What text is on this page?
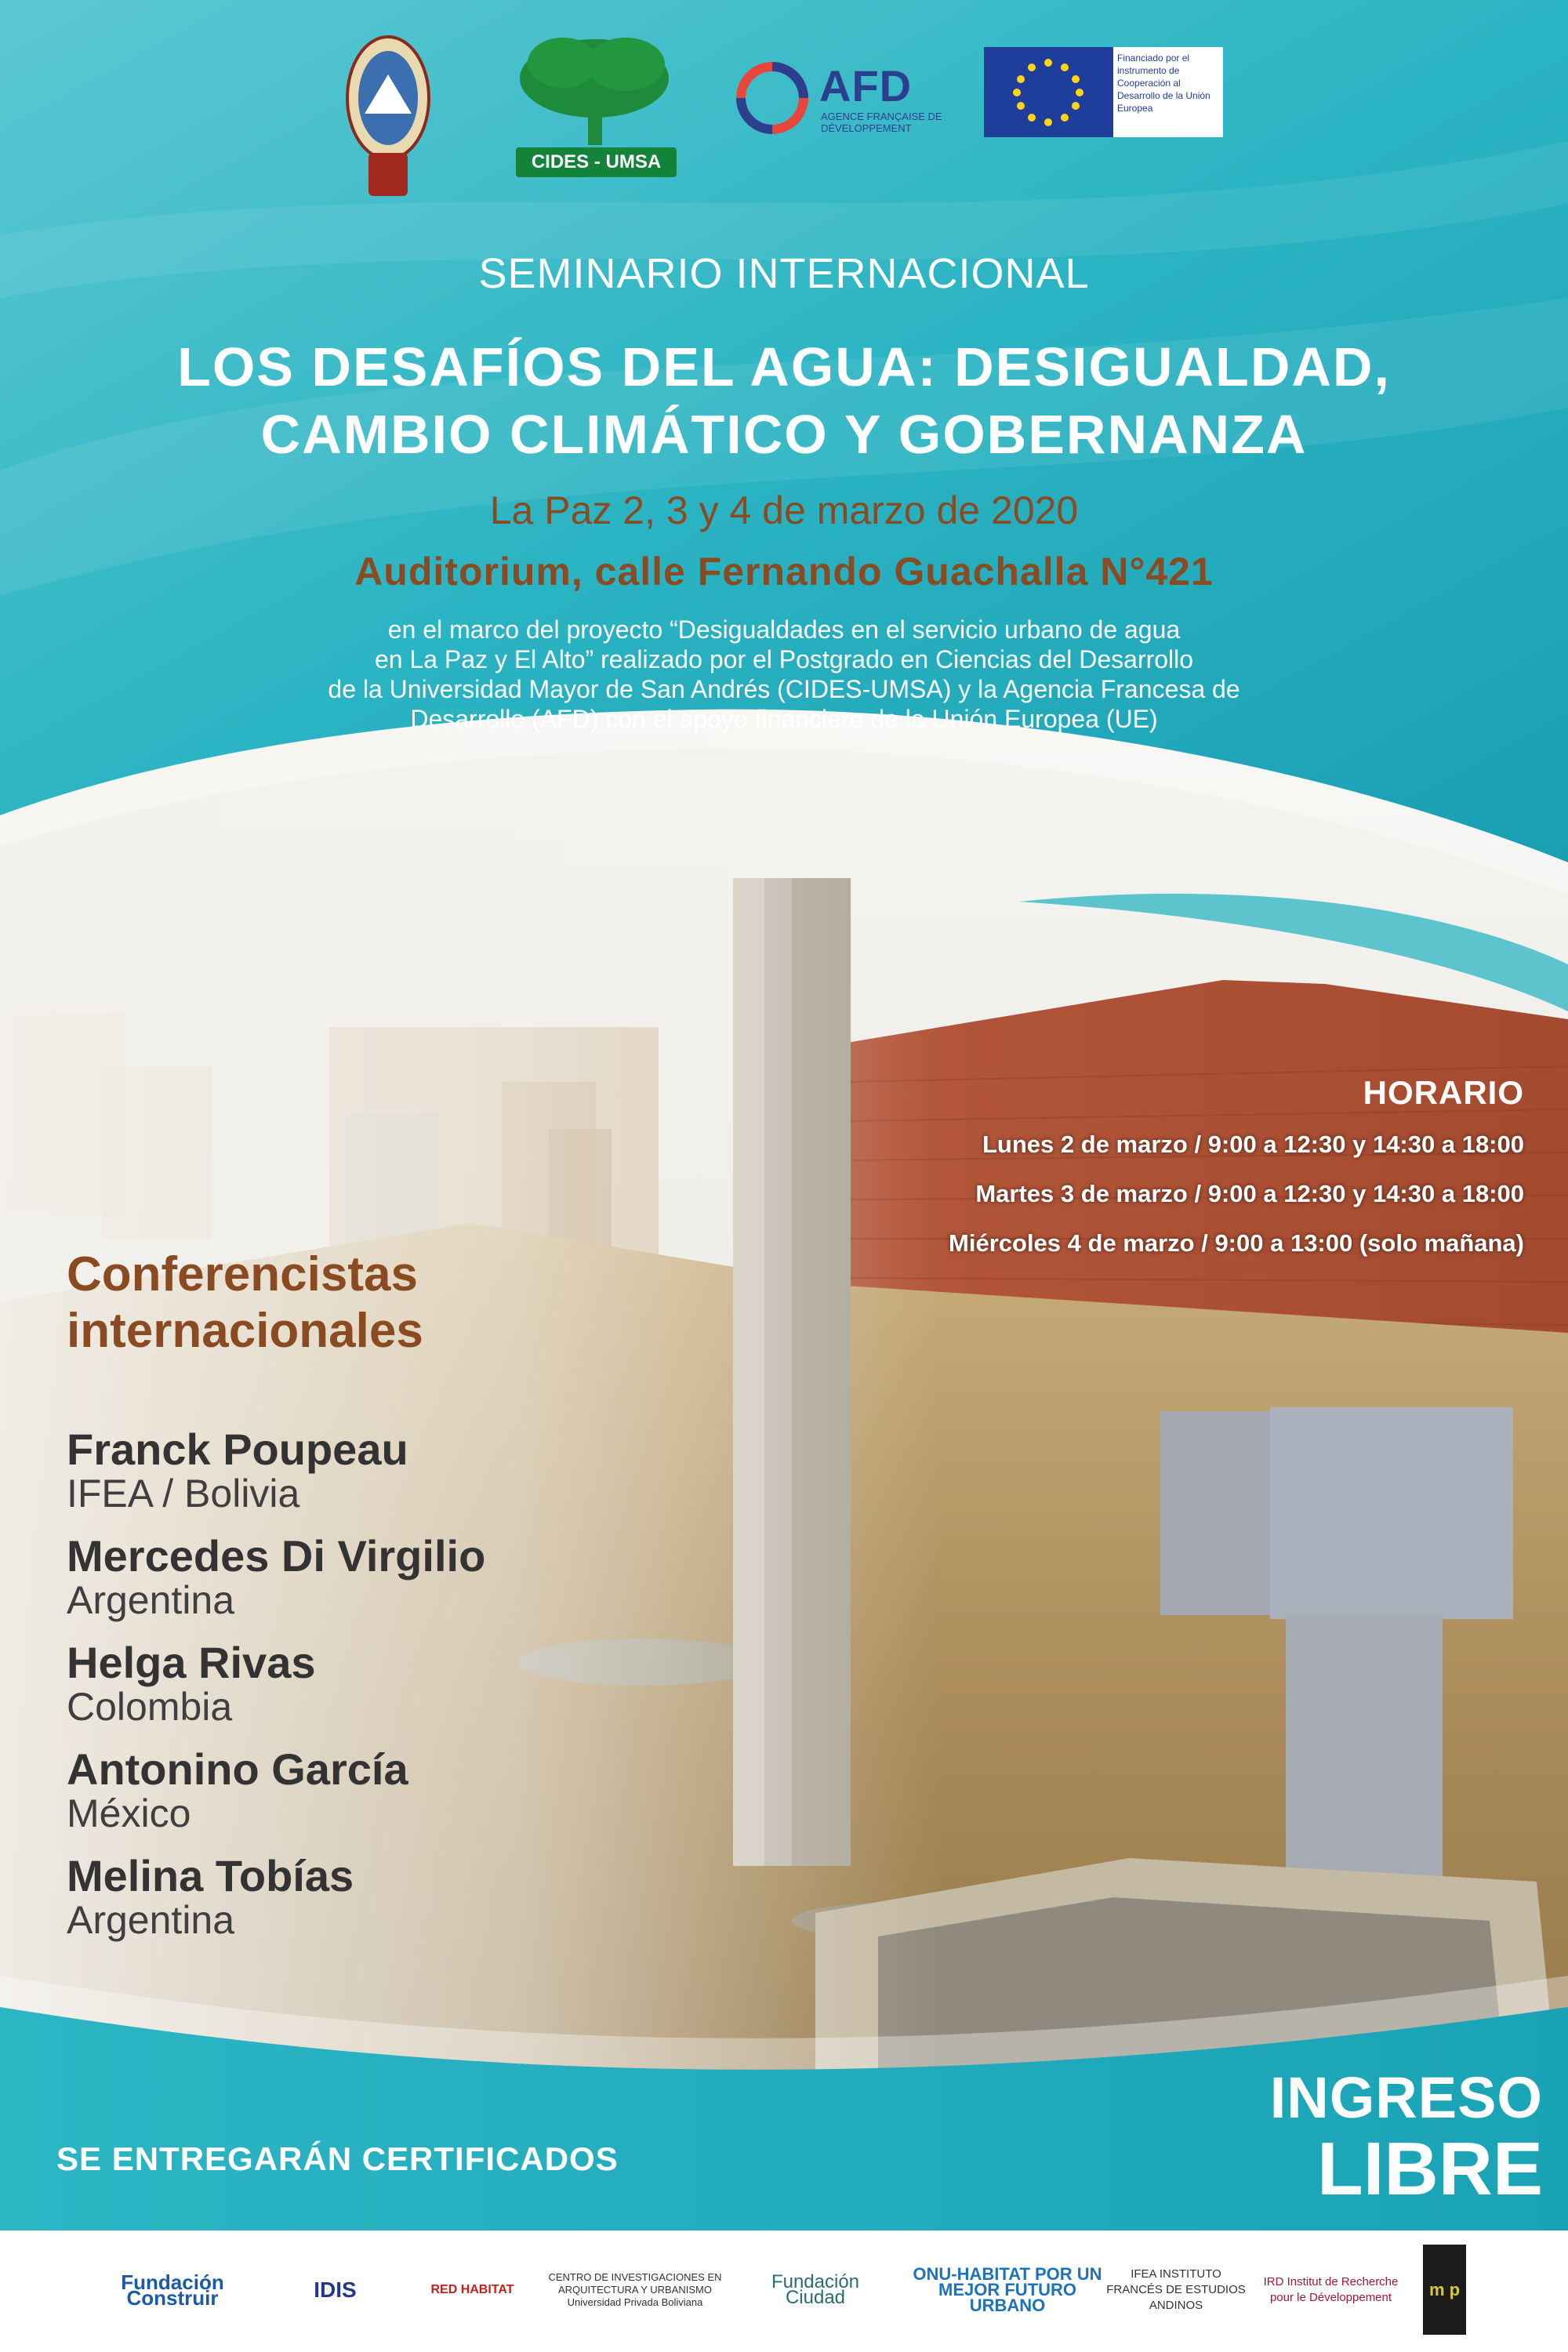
CIDES - UMSA
AFD
AGENCE FRANÇAISE DE DÉVELOPPEMENT
Financiado por el instrumento de Cooperación al Desarrollo de la Unión Europea
SEMINARIO INTERNACIONAL
LOS DESAFÍOS DEL AGUA: DESIGUALDAD,
CAMBIO CLIMÁTICO Y GOBERNANZA
La Paz 2, 3 y 4 de marzo de 2020
Auditorium, calle Fernando Guachalla N°421
en el marco del proyecto “Desigualdades en el servicio urbano de agua
en La Paz y El Alto” realizado por el Postgrado en Ciencias del Desarrollo
de la Universidad Mayor de San Andrés (CIDES-UMSA) y la Agencia Francesa de
Desarrollo (AFD) con el apoyo financiero de la Unión Europea (UE)
HORARIO
Lunes 2 de marzo / 9:00 a 12:30 y 14:30 a 18:00
Martes 3 de marzo / 9:00 a 12:30 y 14:30 a 18:00
Miércoles 4 de marzo / 9:00 a 13:00 (solo mañana)
Conferencistas
internacionales
Franck Poupeau
IFEA / Bolivia
Mercedes Di Virgilio
Argentina
Helga Rivas
Colombia
Antonino García
México
Melina Tobías
Argentina
SE ENTREGARÁN CERTIFICADOS
INGRESO
LIBRE
Fundación Construir	IDIS	RED HABITAT
CENTRO DE INVESTIGACIONES EN ARQUITECTURA Y URBANISMO Universidad Privada Boliviana
Fundación Ciudad
ONU-HABITAT POR UN MEJOR FUTURO URBANO
IFEA INSTITUTO FRANCÉS DE ESTUDIOS ANDINOS
IRD Institut de Recherche pour le Développement	m p
